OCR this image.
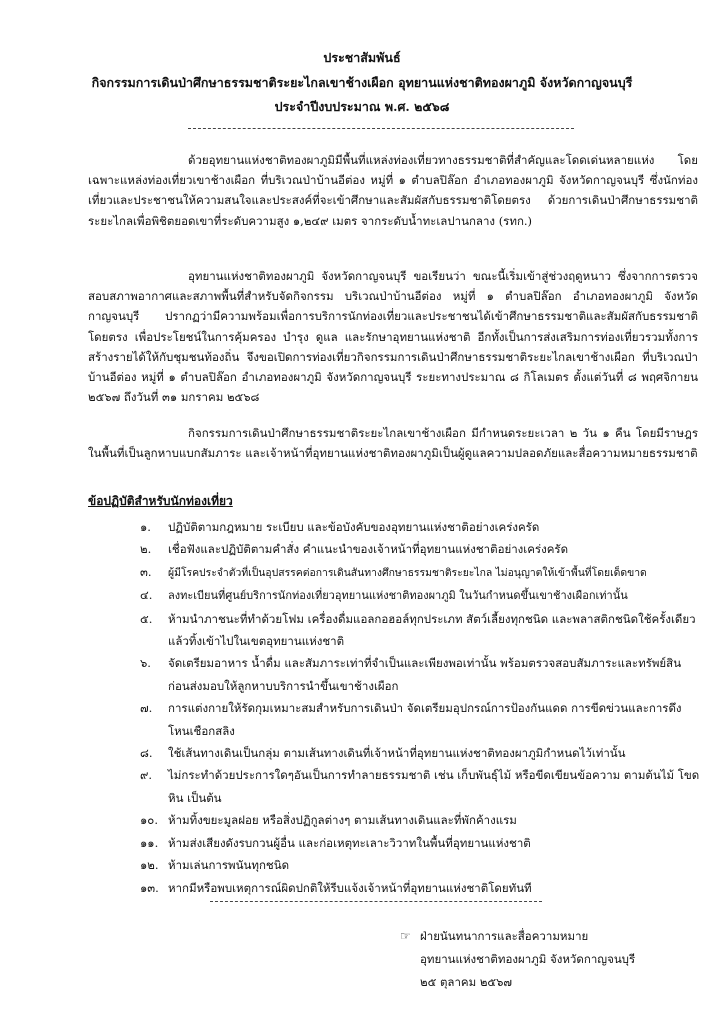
ประชาสัมพันธ์
กิจกรรมการเดินป่าศึกษาธรรมชาติระยะไกลเขาช้างเผือก อุทยานแห่งชาติทองผาภูมิ จังหวัดกาญจนบุรี
ประจำปีงบประมาณ พ.ศ. ๒๕๖๘
ด้วยอุทยานแห่งชาติทองผาภูมิมีพื้นที่แหล่งท่องเที่ยวทางธรรมชาติที่สำคัญและโดดเด่นหลายแห่ง โดยเฉพาะแหล่งท่องเที่ยวเขาช้างเผือก ที่บริเวณป่าบ้านอีต่อง หมู่ที่ ๑ ตำบลปิล๊อก อำเภอทองผาภูมิ จังหวัดกาญจนบุรี ซึ่งนักท่องเที่ยวและประชาชนให้ความสนใจและประสงค์ที่จะเข้าศึกษาและสัมผัสกับธรรมชาติโดยตรง ด้วยการเดินป่าศึกษาธรรมชาติระยะไกลเพื่อพิชิตยอดเขาที่ระดับความสูง ๑,๒๔๙ เมตร จากระดับน้ำทะเลปานกลาง (รทก.)
อุทยานแห่งชาติทองผาภูมิ จังหวัดกาญจนบุรี ขอเรียนว่า ขณะนี้เริ่มเข้าสู่ช่วงฤดูหนาว ซึ่งจากการตรวจสอบสภาพอากาศและสภาพพื้นที่สำหรับจัดกิจกรรม บริเวณป่าบ้านอีต่อง หมู่ที่ ๑ ตำบลปิล๊อก อำเภอทองผาภูมิ จังหวัดกาญจนบุรี ปรากฏว่ามีความพร้อมเพื่อการบริการนักท่องเที่ยวและประชาชนได้เข้าศึกษาธรรมชาติและสัมผัสกับธรรมชาติโดยตรง เพื่อประโยชน์ในการคุ้มครอง บำรุง ดูแล และรักษาอุทยานแห่งชาติ อีกทั้งเป็นการส่งเสริมการท่องเที่ยวรวมทั้งการสร้างรายได้ให้กับชุมชนท้องถิ่น จึงขอเปิดการท่องเที่ยวกิจกรรมการเดินป่าศึกษาธรรมชาติระยะไกลเขาช้างเผือก ที่บริเวณป่าบ้านอีต่อง หมู่ที่ ๑ ตำบลปิล๊อก อำเภอทองผาภูมิ จังหวัดกาญจนบุรี ระยะทางประมาณ ๘ กิโลเมตร ตั้งแต่วันที่ ๘ พฤศจิกายน ๒๕๖๗ ถึงวันที่ ๓๑ มกราคม ๒๕๖๘
กิจกรรมการเดินป่าศึกษาธรรมชาติระยะไกลเขาช้างเผือก มีกำหนดระยะเวลา ๒ วัน ๑ คืน โดยมีราษฎรในพื้นที่เป็นลูกหาบแบกสัมภาระ และเจ้าหน้าที่อุทยานแห่งชาติทองผาภูมิเป็นผู้ดูแลความปลอดภัยและสื่อความหมายธรรมชาติ
ข้อปฏิบัติสำหรับนักท่องเที่ยว
๑. ปฏิบัติตามกฎหมาย ระเบียบ และข้อบังคับของอุทยานแห่งชาติอย่างเคร่งครัด
๒. เชื่อฟังและปฏิบัติตามคำสั่ง คำแนะนำของเจ้าหน้าที่อุทยานแห่งชาติอย่างเคร่งครัด
๓. ผู้มีโรคประจำตัวที่เป็นอุปสรรคต่อการเดินสันทางศึกษาธรรมชาติระยะไกล ไม่อนุญาตให้เข้าพื้นที่โดยเด็ดขาด
๔. ลงทะเบียนที่ศูนย์บริการนักท่องเที่ยวอุทยานแห่งชาติทองผาภูมิ ในวันกำหนดขึ้นเขาช้างเผือกเท่านั้น
๕. ห้ามนำภาชนะที่ทำด้วยโฟม เครื่องดื่มแอลกอฮอล์ทุกประเภท สัตว์เลี้ยงทุกชนิด และพลาสติกชนิดใช้ครั้งเดียวแล้วทิ้งเข้าไปในเขตอุทยานแห่งชาติ
๖. จัดเตรียมอาหาร น้ำดื่ม และสัมภาระเท่าที่จำเป็นและเพียงพอเท่านั้น พร้อมตรวจสอบสัมภาระและทรัพย์สินก่อนส่งมอบให้ลูกหาบบริการนำขึ้นเขาช้างเผือก
๗. การแต่งกายให้รัดกุมเหมาะสมสำหรับการเดินป่า จัดเตรียมอุปกรณ์การป้องกันแดด การขีดข่วนและการดึงโหนเชือกสลิง
๘. ใช้เส้นทางเดินเป็นกลุ่ม ตามเส้นทางเดินที่เจ้าหน้าที่อุทยานแห่งชาติทองผาภูมิกำหนดไว้เท่านั้น
๙. ไม่กระทำด้วยประการใดๆอันเป็นการทำลายธรรมชาติ เช่น เก็บพันธุ์ไม้ หรือขีดเขียนข้อความ ตามต้นไม้ โขดหิน เป็นต้น
๑๐. ห้ามทิ้งขยะมูลฝอย หรือสิ่งปฏิกูลต่างๆ ตามเส้นทางเดินและที่พักค้างแรม
๑๑. ห้ามส่งเสียงดังรบกวนผู้อื่น และก่อเหตุทะเลาะวิวาทในพื้นที่อุทยานแห่งชาติ
๑๒. ห้ามเล่นการพนันทุกชนิด
๑๓. หากมีหรือพบเหตุการณ์ผิดปกติให้รีบแจ้งเจ้าหน้าที่อุทยานแห่งชาติโดยทันที
☞ ฝ่ายนันทนาการและสื่อความหมาย
อุทยานแห่งชาติทองผาภูมิ จังหวัดกาญจนบุรี
๒๕ ตุลาคม ๒๕๖๗
